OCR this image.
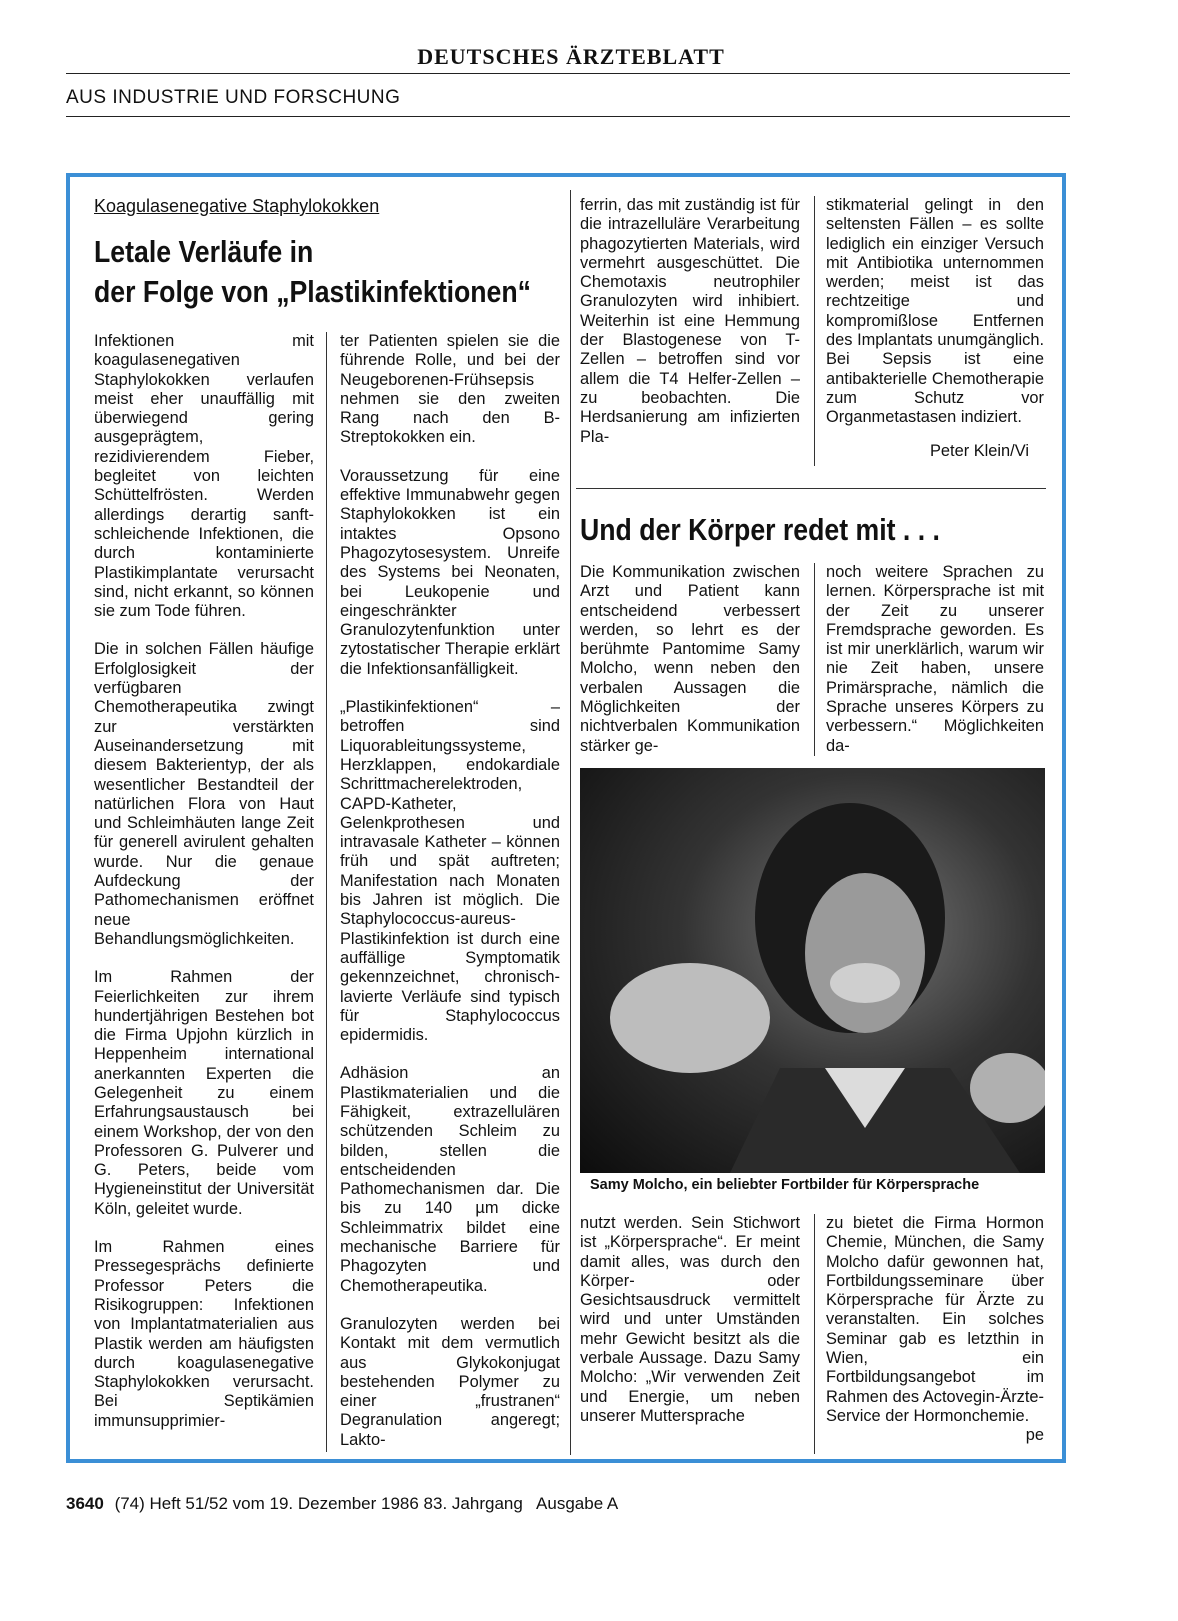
DEUTSCHES ÄRZTEBLATT
AUS INDUSTRIE UND FORSCHUNG
Koagulasenegative Staphylokokken
Letale Verläufe in
der Folge von „Plastikinfektionen“

Infektionen mit koagulasenegativen Staphylokokken verlaufen meist eher unauffällig mit überwiegend gering ausgeprägtem, rezidivierendem Fieber, begleitet von leichten Schüttelfrösten. Werden allerdings derartig sanft-schleichende Infektionen, die durch kontaminierte Plastikimplantate verursacht sind, nicht erkannt, so können sie zum Tode führen.

Die in solchen Fällen häufige Erfolglosigkeit der verfügbaren Chemotherapeutika zwingt zur verstärkten Auseinandersetzung mit diesem Bakterientyp, der als wesentlicher Bestandteil der natürlichen Flora von Haut und Schleimhäuten lange Zeit für generell avirulent gehalten wurde. Nur die genaue Aufdeckung der Pathomechanismen eröffnet neue Behandlungsmöglichkeiten.

Im Rahmen der Feierlichkeiten zur ihrem hundertjährigen Bestehen bot die Firma Upjohn kürzlich in Heppenheim international anerkannten Experten die Gelegenheit zu einem Erfahrungsaustausch bei einem Workshop, der von den Professoren G. Pulverer und G. Peters, beide vom Hygieneinstitut der Universität Köln, geleitet wurde.

Im Rahmen eines Pressegesprächs definierte Professor Peters die Risikogruppen: Infektionen von Implantatmaterialien aus Plastik werden am häufigsten durch koagulasenegative Staphylokokken verursacht. Bei Septikämien immunsupprimier-

ter Patienten spielen sie die führende Rolle, und bei der Neugeborenen-Frühsepsis nehmen sie den zweiten Rang nach den B-Streptokokken ein.

Voraussetzung für eine effektive Immunabwehr gegen Staphylokokken ist ein intaktes Opsono Phagozytosesystem. Unreife des Systems bei Neonaten, bei Leukopenie und eingeschränkter Granulozytenfunktion unter zytostatischer Therapie erklärt die Infektionsanfälligkeit.

„Plastikinfektionen“ – betroffen sind Liquorableitungssysteme, Herzklappen, endokardiale Schrittmacherelektroden, CAPD-Katheter, Gelenkprothesen und intravasale Katheter – können früh und spät auftreten; Manifestation nach Monaten bis Jahren ist möglich. Die Staphylococcus-aureus-Plastikinfektion ist durch eine auffällige Symptomatik gekennzeichnet, chronisch-lavierte Verläufe sind typisch für Staphylococcus epidermidis.

Adhäsion an Plastikmaterialien und die Fähigkeit, extrazellulären schützenden Schleim zu bilden, stellen die entscheidenden Pathomechanismen dar. Die bis zu 140 µm dicke Schleimmatrix bildet eine mechanische Barriere für Phagozyten und Chemotherapeutika.

Granulozyten werden bei Kontakt mit dem vermutlich aus Glykokonjugat bestehenden Polymer zu einer „frustranen“ Degranulation angeregt; Lakto-

ferrin, das mit zuständig ist für die intrazelluläre Verarbeitung phagozytierten Materials, wird vermehrt ausgeschüttet. Die Chemotaxis neutrophiler Granulozyten wird inhibiert. Weiterhin ist eine Hemmung der Blastogenese von T-Zellen – betroffen sind vor allem die T4 Helfer-Zellen – zu beobachten. Die Herdsanierung am infizierten Pla-

stikmaterial gelingt in den seltensten Fällen – es sollte lediglich ein einziger Versuch mit Antibiotika unternommen werden; meist ist das rechtzeitige und kompromißlose Entfernen des Implantats unumgänglich. Bei Sepsis ist eine antibakterielle Chemotherapie zum Schutz vor Organmetastasen indiziert.

Peter Klein/Vi
Und der Körper redet mit . . .

Die Kommunikation zwischen Arzt und Patient kann entscheidend verbessert werden, so lehrt es der berühmte Pantomime Samy Molcho, wenn neben den verbalen Aussagen die Möglichkeiten der nichtverbalen Kommunikation stärker ge-

noch weitere Sprachen zu lernen. Körpersprache ist mit der Zeit zu unserer Fremdsprache geworden. Es ist mir unerklärlich, warum wir nie Zeit haben, unsere Primärsprache, nämlich die Sprache unseres Körpers zu verbessern.“ Möglichkeiten da-

Samy Molcho, ein beliebter Fortbilder für Körpersprache

nutzt werden. Sein Stichwort ist „Körpersprache“. Er meint damit alles, was durch den Körper- oder Gesichtsausdruck vermittelt wird und unter Umständen mehr Gewicht besitzt als die verbale Aussage. Dazu Samy Molcho: „Wir verwenden Zeit und Energie, um neben unserer Muttersprache

zu bietet die Firma Hormon Chemie, München, die Samy Molcho dafür gewonnen hat, Fortbildungsseminare über Körpersprache für Ärzte zu veranstalten. Ein solches Seminar gab es letzthin in Wien, ein Fortbildungsangebot im Rahmen des Actovegin-Ärzte-Service der Hormonchemie.
pe

3640 (74) Heft 51/52 vom 19. Dezember 1986 83. Jahrgang   Ausgabe A
